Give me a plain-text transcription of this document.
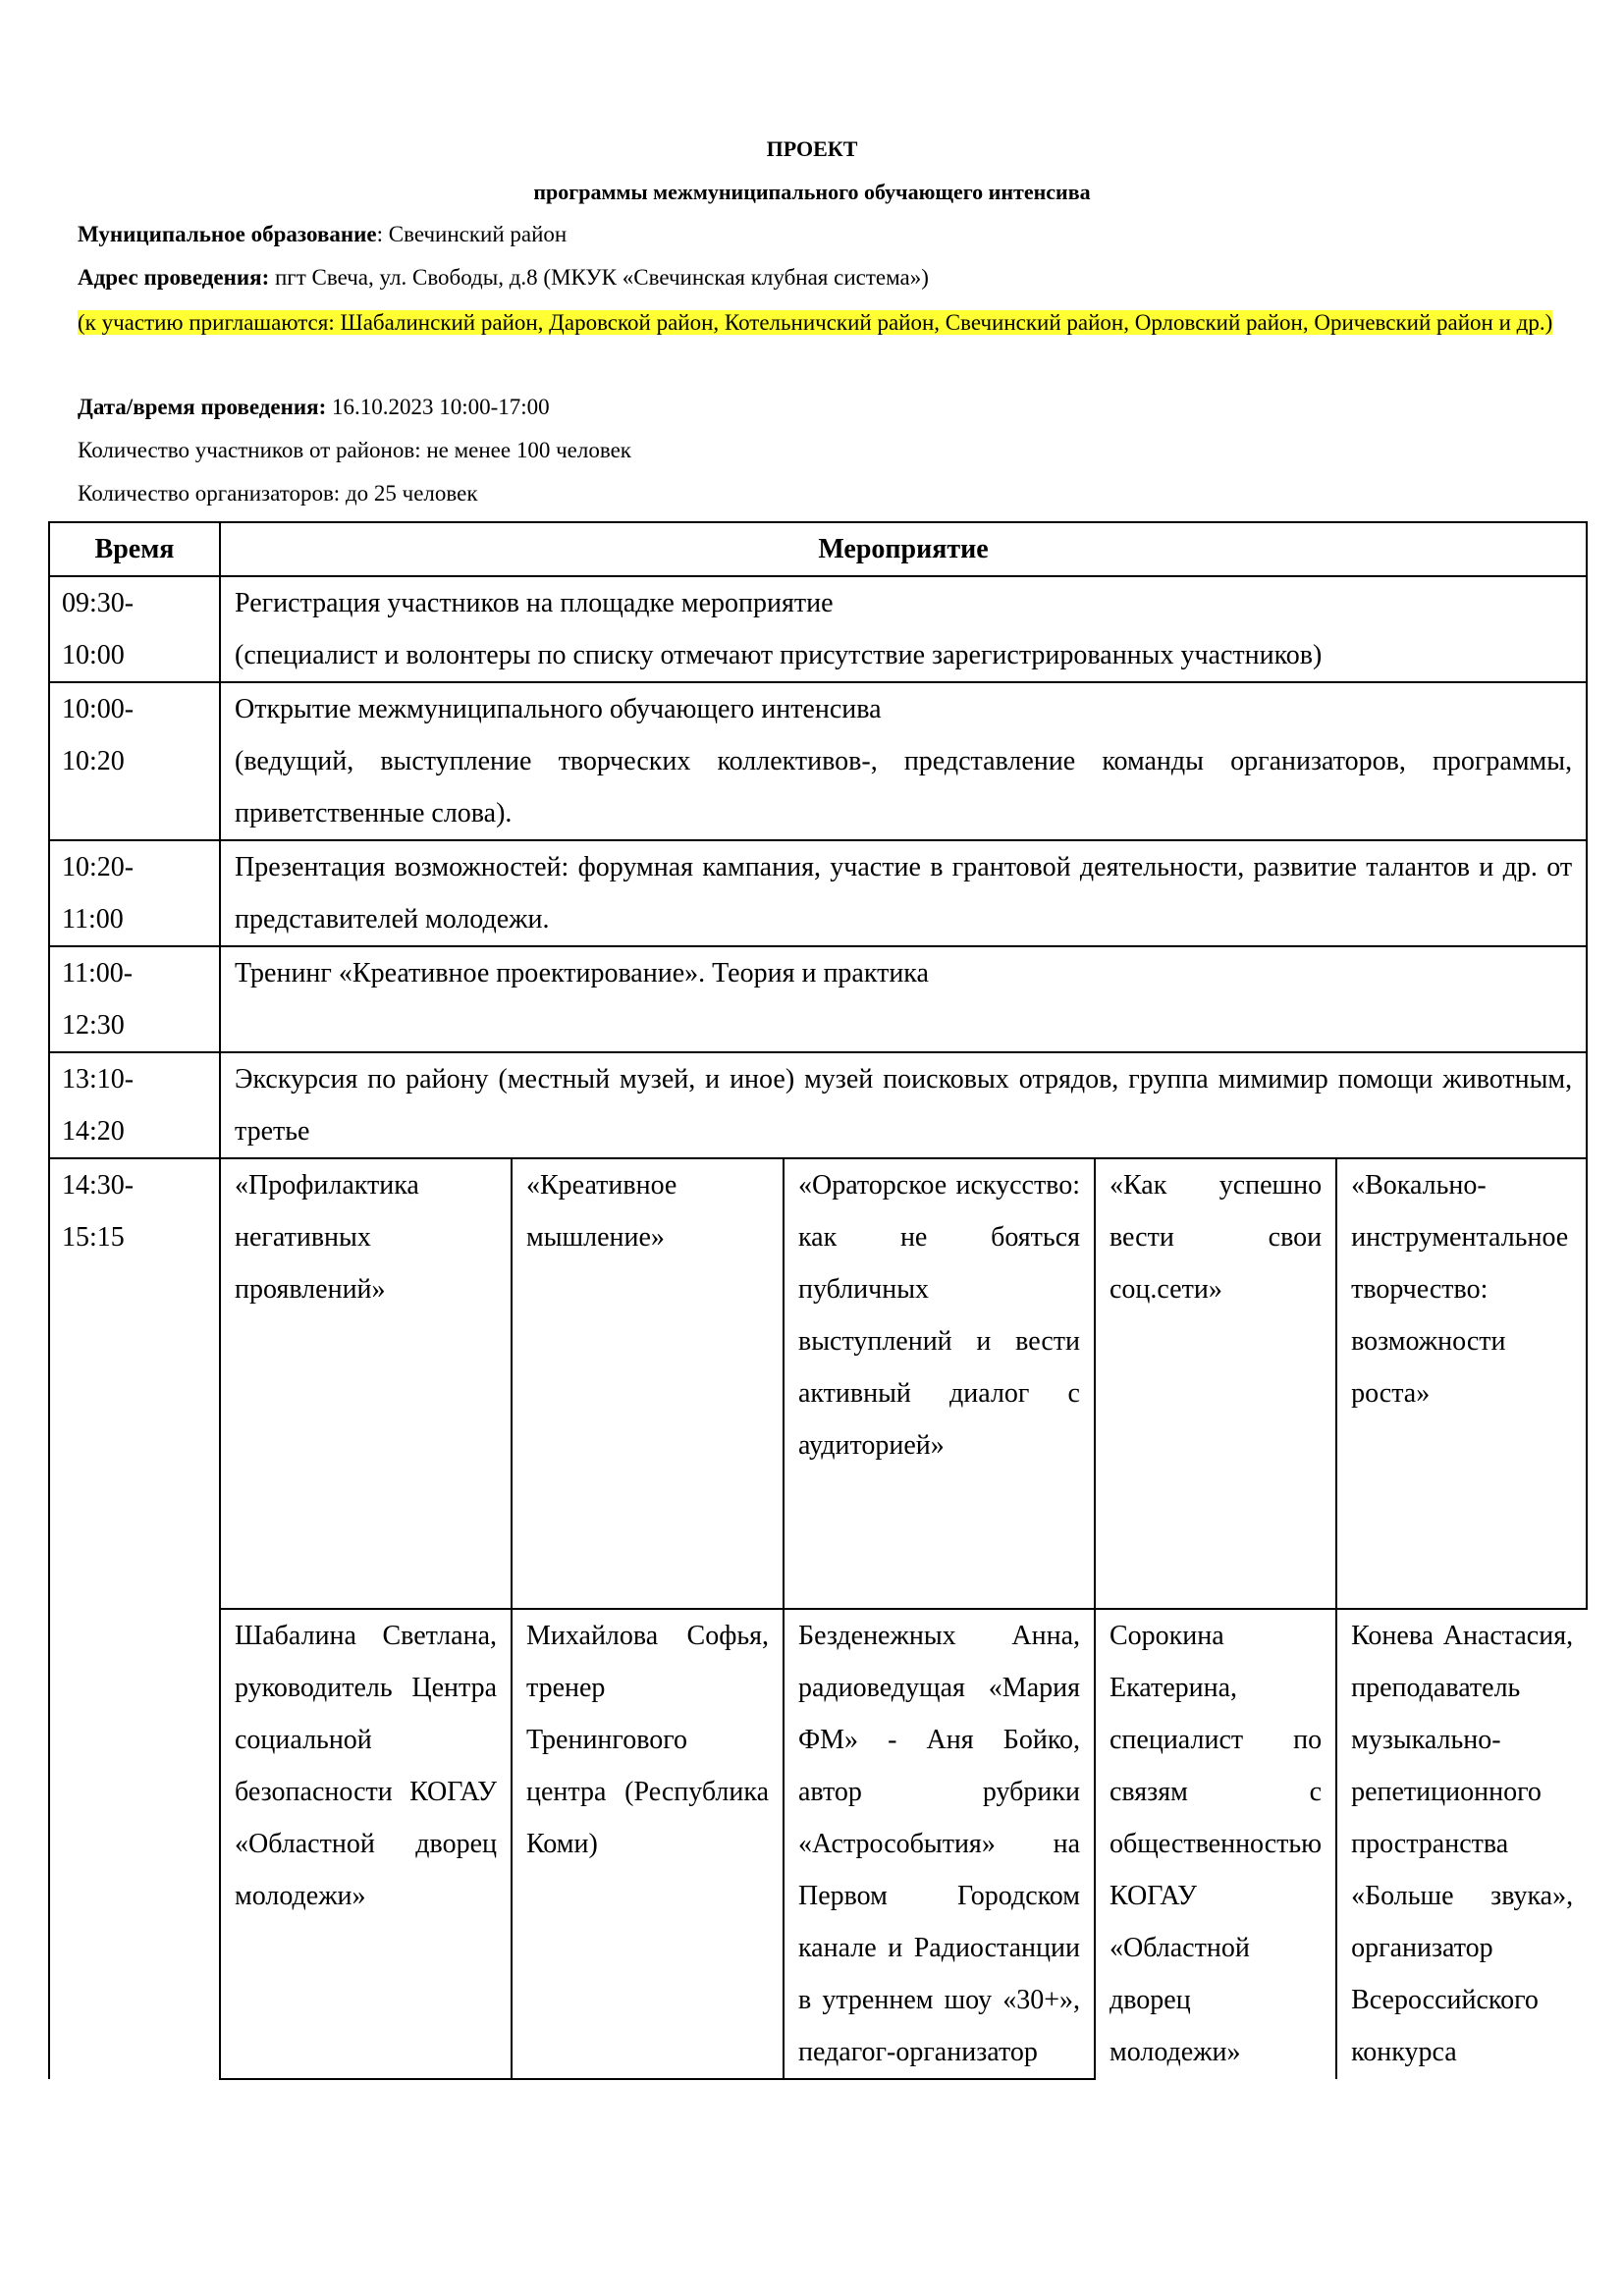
ПРОЕКТ
программы межмуниципального обучающего интенсива
Муниципальное образование: Свечинский район
Адрес проведения: пгт Свеча, ул. Свободы, д.8 (МКУК «Свечинская клубная система»)
(к участию приглашаются: Шабалинский район, Даровской район, Котельничский район, Свечинский район, Орловский район, Оричевский район и др.)
Дата/время проведения: 16.10.2023 10:00-17:00
Количество участников от районов: не менее 100 человек
Количество организаторов: до 25 человек
Время	Мероприятие				

09:30-
10:00	Регистрация участников на площадке мероприятие
(специалист и волонтеры по списку отмечают присутствие зарегистрированных участников)				

10:00-
10:20	Открытие межмуниципального обучающего интенсива
(ведущий, выступление творческих коллективов-, представление команды организаторов, программы, приветственные слова).				

10:20-
11:00	Презентация возможностей: форумная кампания, участие в грантовой деятельности, развитие талантов и др. от представителей молодежи.				

11:00-
12:30	Тренинг «Креативное проектирование». Теория и практика				

13:10-
14:20	Экскурсия по району (местный музей, и иное) музей поисковых отрядов, группа мимимир помощи животным, третье				

14:30-
15:15	«Профилактика негативных проявлений»	«Креативное мышление»	«Ораторское искусство: как не бояться публичных выступлений и вести активный диалог с аудиторией»	«Как успешно вести свои соц.сети»	«Вокально-инструментальное творчество: возможности роста»
	Шабалина Светлана, руководитель Центра социальной безопасности КОГАУ «Областной дворец молодежи»	Михайлова Софья, тренер Тренингового центра (Республика Коми)	Безденежных Анна, радиоведущая «Мария ФМ» - Аня Бойко, автор рубрики «Астрособытия» на Первом Городском канале и Радиостанции в утреннем шоу «30+», педагог-организатор	Сорокина Екатерина, специалист по связям с общественностью КОГАУ «Областной дворец молодежи»	Конева Анастасия, преподаватель музыкально-репетиционного пространства «Больше звука», организатор Всероссийского конкурса
